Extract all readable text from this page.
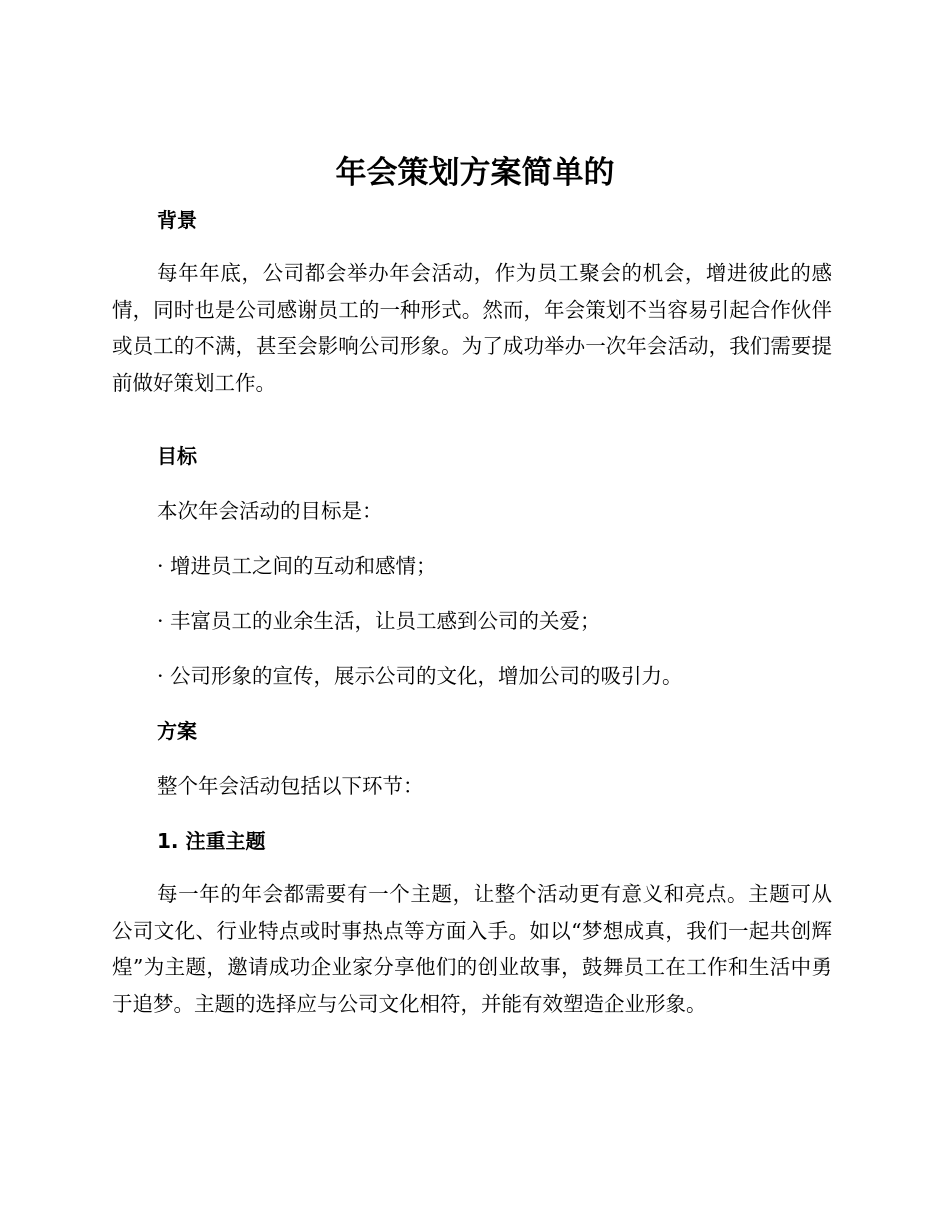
年会策划方案简单的
背景

每年年底，公司都会举办年会活动，作为员工聚会的机会，增进彼此的感情，同时也是公司感谢员工的一种形式。然而，年会策划不当容易引起合作伙伴或员工的不满，甚至会影响公司形象。为了成功举办一次年会活动，我们需要提前做好策划工作。

目标
本次年会活动的目标是：
· 增进员工之间的互动和感情；
· 丰富员工的业余生活，让员工感到公司的关爱；
· 公司形象的宣传，展示公司的文化，增加公司的吸引力。
方案
整个年会活动包括以下环节：
1. 注重主题

每一年的年会都需要有一个主题，让整个活动更有意义和亮点。主题可从公司文化、行业特点或时事热点等方面入手。如以“梦想成真，我们一起共创辉煌”为主题，邀请成功企业家分享他们的创业故事，鼓舞员工在工作和生活中勇于追梦。主题的选择应与公司文化相符，并能有效塑造企业形象。
